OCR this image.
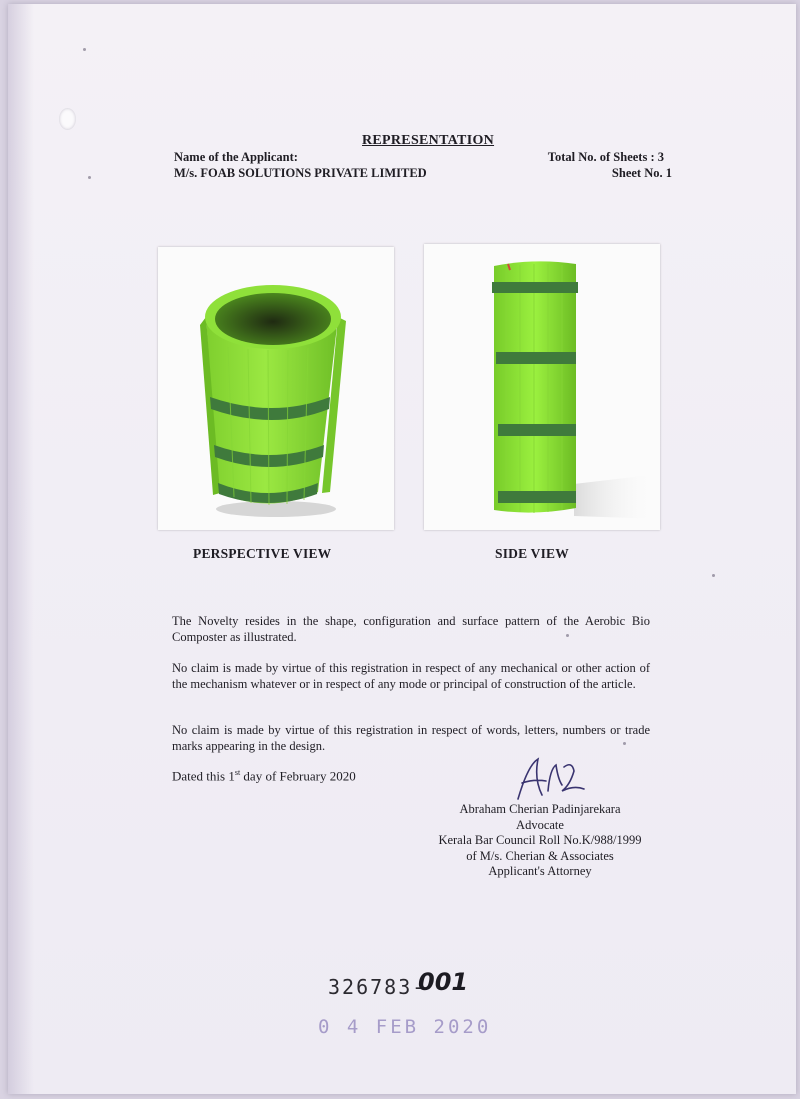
REPRESENTATION
Name of the Applicant:
M/s. FOAB SOLUTIONS PRIVATE LIMITED
Total No. of Sheets : 3
Sheet No. 1
PERSPECTIVE VIEW	SIDE VIEW
The Novelty resides in the shape, configuration and surface pattern of the Aerobic Bio Composter as illustrated.
No claim is made by virtue of this registration in respect of any mechanical or other action of the mechanism whatever or in respect of any mode or principal of construction of the article.
No claim is made by virtue of this registration in respect of words, letters, numbers or trade marks appearing in the design.
Dated this 1st day of February 2020
Abraham Cherian Padinjarekara
Advocate
Kerala Bar Council Roll No.K/988/1999
of M/s. Cherian & Associates
Applicant's Attorney
326783-
001
0 4 FEB 2020
